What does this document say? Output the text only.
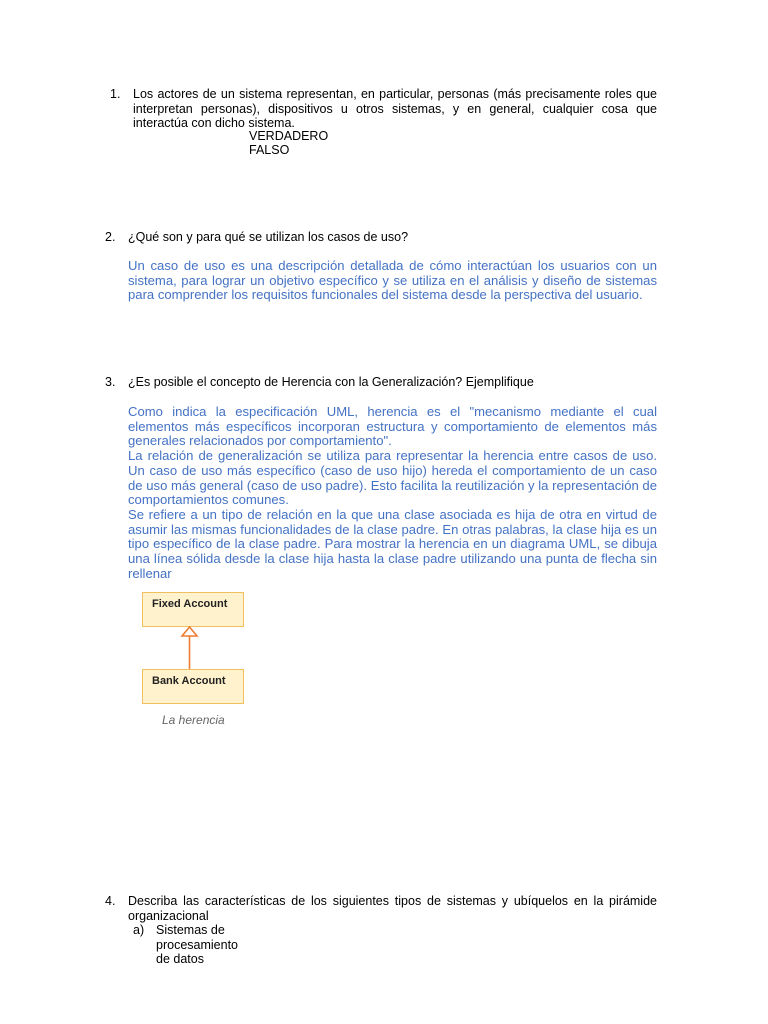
1. Los actores de un sistema representan, en particular, personas (más precisamente roles que interpretan personas), dispositivos u otros sistemas, y en general, cualquier cosa que interactúa con dicho sistema.
VERDADERO
FALSO
2. ¿Qué son y para qué se utilizan los casos de uso?

Un caso de uso es una descripción detallada de cómo interactúan los usuarios con un sistema, para lograr un objetivo específico y se utiliza en el análisis y diseño de sistemas para comprender los requisitos funcionales del sistema desde la perspectiva del usuario.

3. ¿Es posible el concepto de Herencia con la Generalización? Ejemplifique

Como indica la especificación UML, herencia es el "mecanismo mediante el cual elementos más específicos incorporan estructura y comportamiento de elementos más generales relacionados por comportamiento".

La relación de generalización se utiliza para representar la herencia entre casos de uso. Un caso de uso más específico (caso de uso hijo) hereda el comportamiento de un caso de uso más general (caso de uso padre). Esto facilita la reutilización y la representación de comportamientos comunes.

Se refiere a un tipo de relación en la que una clase asociada es hija de otra en virtud de asumir las mismas funcionalidades de la clase padre. En otras palabras, la clase hija es un tipo específico de la clase padre. Para mostrar la herencia en un diagrama UML, se dibuja una línea sólida desde la clase hija hasta la clase padre utilizando una punta de flecha sin rellenar

Fixed Account
Bank Account
La herencia
4. Describa las características de los siguientes tipos de sistemas y ubíquelos en la pirámide organizacional
a) Sistemas de procesamiento de datos
